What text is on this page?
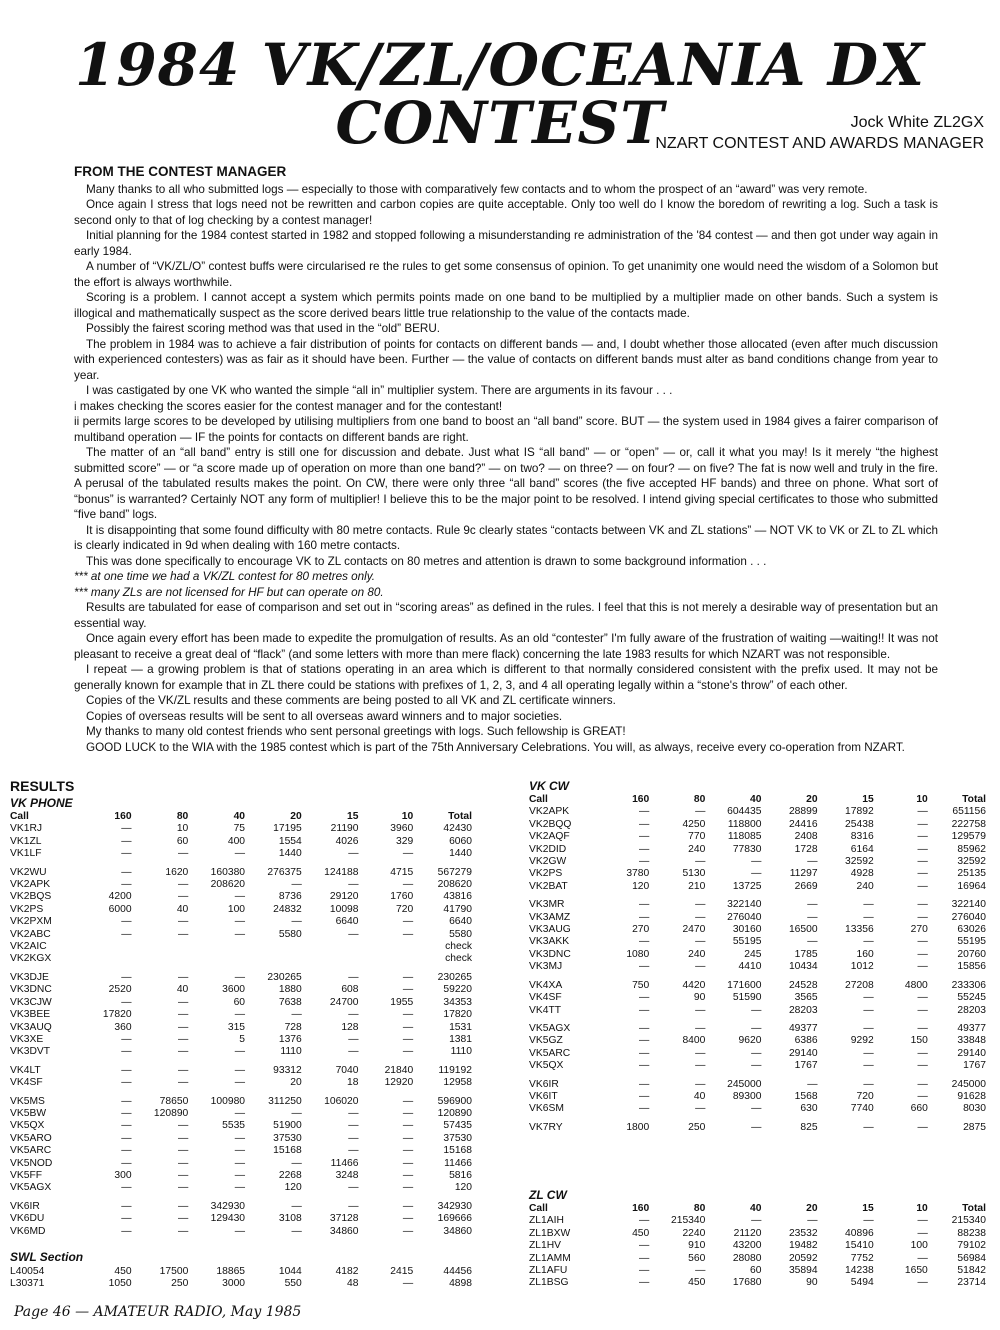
1984 VK/ZL/OCEANIA DX CONTEST	Jock White ZL2GX
NZART CONTEST AND AWARDS MANAGER
FROM THE CONTEST MANAGER

Many thanks to all who submitted logs — especially to those with comparatively few contacts and to whom the prospect of an “award” was very remote.

Once again I stress that logs need not be rewritten and carbon copies are quite acceptable. Only too well do I know the boredom of rewriting a log. Such a task is second only to that of log checking by a contest manager!

Initial planning for the 1984 contest started in 1982 and stopped following a misunderstanding re administration of the '84 contest — and then got under way again in early 1984.

A number of “VK/ZL/O” contest buffs were circularised re the rules to get some consensus of opinion. To get unanimity one would need the wisdom of a Solomon but the effort is always worthwhile.

Scoring is a problem. I cannot accept a system which permits points made on one band to be multiplied by a multiplier made on other bands. Such a system is illogical and mathematically suspect as the score derived bears little true relationship to the value of the contacts made.

Possibly the fairest scoring method was that used in the “old” BERU.

The problem in 1984 was to achieve a fair distribution of points for contacts on different bands — and, I doubt whether those allocated (even after much discussion with experienced contesters) was as fair as it should have been. Further — the value of contacts on different bands must alter as band conditions change from year to year.

I was castigated by one VK who wanted the simple “all in” multiplier system. There are arguments in its favour . . .

i makes checking the scores easier for the contest manager and for the contestant!

ii permits large scores to be developed by utilising multipliers from one band to boost an “all band” score. BUT — the system used in 1984 gives a fairer comparison of multiband operation — IF the points for contacts on different bands are right.

The matter of an “all band” entry is still one for discussion and debate. Just what IS “all band” — or “open” — or, call it what you may! Is it merely “the highest submitted score” — or “a score made up of operation on more than one band?” — on two? — on three? — on four? — on five? The fat is now well and truly in the fire. A perusal of the tabulated results makes the point. On CW, there were only three “all band” scores (the five accepted HF bands) and three on phone. What sort of “bonus” is warranted? Certainly NOT any form of multiplier! I believe this to be the major point to be resolved. I intend giving special certificates to those who submitted “five band” logs.

It is disappointing that some found difficulty with 80 metre contacts. Rule 9c clearly states “contacts between VK and ZL stations” — NOT VK to VK or ZL to ZL which is clearly indicated in 9d when dealing with 160 metre contacts.

This was done specifically to encourage VK to ZL contacts on 80 metres and attention is drawn to some background information . . .

*** at one time we had a VK/ZL contest for 80 metres only.

*** many ZLs are not licensed for HF but can operate on 80.

Results are tabulated for ease of comparison and set out in “scoring areas” as defined in the rules. I feel that this is not merely a desirable way of presentation but an essential way.

Once again every effort has been made to expedite the promulgation of results. As an old “contester” I'm fully aware of the frustration of waiting —waiting!! It was not pleasant to receive a great deal of “flack” (and some letters with more than mere flack) concerning the late 1983 results for which NZART was not responsible.

I repeat — a growing problem is that of stations operating in an area which is different to that normally considered consistent with the prefix used. It may not be generally known for example that in ZL there could be stations with prefixes of 1, 2, 3, and 4 all operating legally within a “stone's throw” of each other.

Copies of the VK/ZL results and these comments are being posted to all VK and ZL certificate winners.

Copies of overseas results will be sent to all overseas award winners and to major societies.

My thanks to many old contest friends who sent personal greetings with logs. Such fellowship is GREAT!

GOOD LUCK to the WIA with the 1985 contest which is part of the 75th Anniversary Celebrations. You will, as always, receive every co-operation from NZART.

RESULTS
VK PHONE
Call	160	80	40	20	15	10	Total
VK1RJ	—	10	75	17195	21190	3960	42430
VK1ZL	—	60	400	1554	4026	329	6060
VK1LF	—	—	—	1440	—	—	1440

VK2WU	—	1620	160380	276375	124188	4715	567279
VK2APK	—	—	208620	—	—	—	208620
VK2BQS	4200	—	—	8736	29120	1760	43816
VK2PS	6000	40	100	24832	10098	720	41790
VK2PXM	—	—	—	—	6640	—	6640
VK2ABC	—	—	—	5580	—	—	5580
VK2AIC							check
VK2KGX							check

VK3DJE	—	—	—	230265	—	—	230265
VK3DNC	2520	40	3600	1880	608	—	59220
VK3CJW	—	—	60	7638	24700	1955	34353
VK3BEE	17820	—	—	—	—	—	17820
VK3AUQ	360	—	315	728	128	—	1531
VK3XE	—	—	5	1376	—	—	1381
VK3DVT	—	—	—	1110	—	—	1110

VK4LT	—	—	—	93312	7040	21840	119192
VK4SF	—	—	—	20	18	12920	12958

VK5MS	—	78650	100980	311250	106020	—	596900
VK5BW	—	120890	—	—	—	—	120890
VK5QX	—	—	5535	51900	—	—	57435
VK5ARO	—	—	—	37530	—	—	37530
VK5ARC	—	—	—	15168	—	—	15168
VK5NOD	—	—	—	—	11466	—	11466
VK5FF	300	—	—	2268	3248	—	5816
VK5AGX	—	—	—	120	—	—	120

VK6IR	—	—	342930	—	—	—	342930
VK6DU	—	—	129430	3108	37128	—	169666
VK6MD	—	—	—	—	34860	—	34860
SWL Section
L40054	450	17500	18865	1044	4182	2415	44456
L30371	1050	250	3000	550	48	—	4898
VK CW
Call	160	80	40	20	15	10	Total
VK2APK	—	—	604435	28899	17892	—	651156
VK2BQQ	—	4250	118800	24416	25438	—	222758
VK2AQF	—	770	118085	2408	8316	—	129579
VK2DID	—	240	77830	1728	6164	—	85962
VK2GW	—	—	—	—	32592	—	32592
VK2PS	3780	5130	—	11297	4928	—	25135
VK2BAT	120	210	13725	2669	240	—	16964

VK3MR	—	—	322140	—	—	—	322140
VK3AMZ	—	—	276040	—	—	—	276040
VK3AUG	270	2470	30160	16500	13356	270	63026
VK3AKK	—	—	55195	—	—	—	55195
VK3DNC	1080	240	245	1785	160	—	20760
VK3MJ	—	—	4410	10434	1012	—	15856

VK4XA	750	4420	171600	24528	27208	4800	233306
VK4SF	—	90	51590	3565	—	—	55245
VK4TT	—	—	—	28203	—	—	28203

VK5AGX	—	—	—	49377	—	—	49377
VK5GZ	—	8400	9620	6386	9292	150	33848
VK5ARC	—	—	—	29140	—	—	29140
VK5QX	—	—	—	1767	—	—	1767

VK6IR	—	—	245000	—	—	—	245000
VK6IT	—	40	89300	1568	720	—	91628
VK6SM	—	—	—	630	7740	660	8030

VK7RY	1800	250	—	825	—	—	2875
ZL CW
Call	160	80	40	20	15	10	Total
ZL1AIH	—	215340	—	—	—	—	215340
ZL1BXW	450	2240	21120	23532	40896	—	88238
ZL1HV	—	910	43200	19482	15410	100	79102
ZL1AMM	—	560	28080	20592	7752	—	56984
ZL1AFU	—	—	60	35894	14238	1650	51842
ZL1BSG	—	450	17680	90	5494	—	23714
Page 46 — AMATEUR RADIO, May 1985
